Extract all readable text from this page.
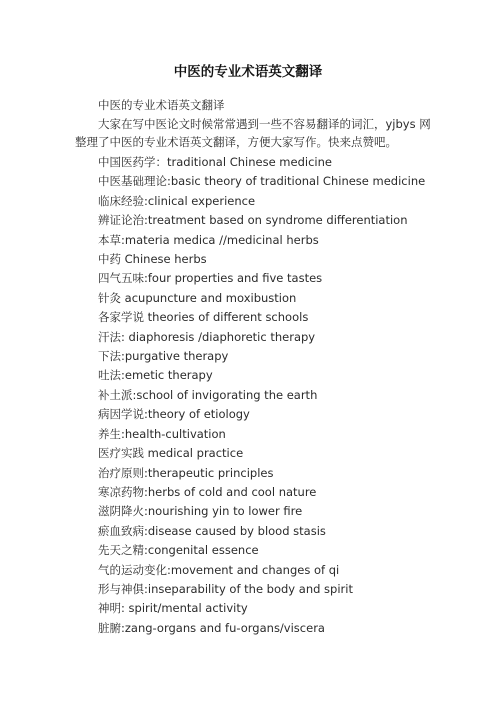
中医的专业术语英文翻译
中医的专业术语英文翻译
大家在写中医论文时候常常遇到一些不容易翻译的词汇，yjbys 网整理了中医的专业术语英文翻译，方便大家写作。快来点赞吧。
中国医药学：traditional Chinese medicine
中医基础理论:basic theory of traditional Chinese medicine
临床经验:clinical experience
辨证论治:treatment based on syndrome differentiation
本草:materia medica //medicinal herbs
中药 Chinese herbs
四气五味:four properties and five tastes
针灸 acupuncture and moxibustion
各家学说 theories of different schools
汗法: diaphoresis /diaphoretic therapy
下法:purgative therapy
吐法:emetic therapy
补土派:school of invigorating the earth
病因学说:theory of etiology
养生:health-cultivation
医疗实践 medical practice
治疗原则:therapeutic principles
寒凉药物:herbs of cold and cool nature
滋阴降火:nourishing yin to lower fire
瘀血致病:disease caused by blood stasis
先天之精:congenital essence
气的运动变化:movement and changes of qi
形与神俱:inseparability of the body and spirit
神明: spirit/mental activity
脏腑:zang-organs and fu-organs/viscera
